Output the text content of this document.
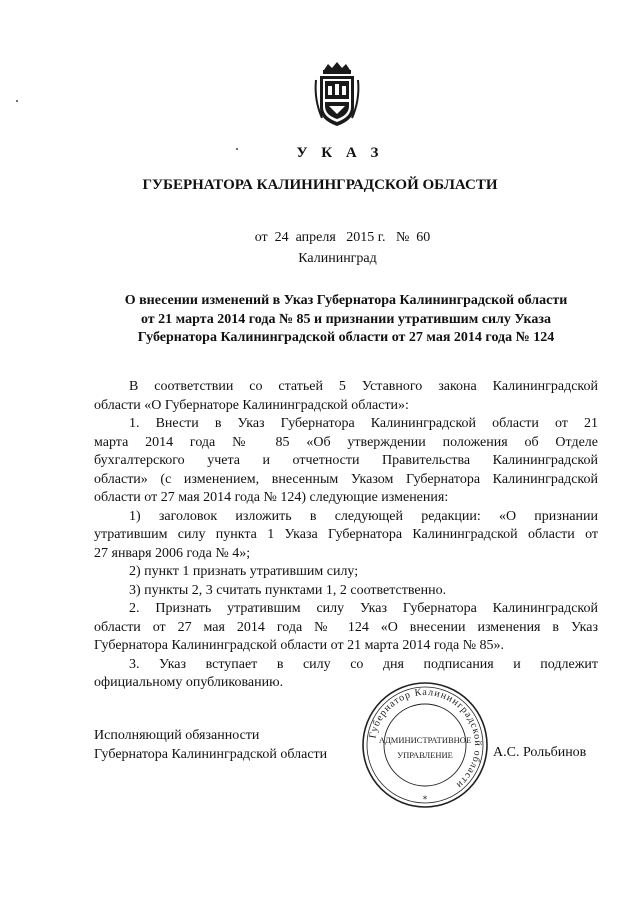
У К А З
ГУБЕРНАТОРА КАЛИНИНГРАДСКОЙ ОБЛАСТИ
от  24  апреля   2015 г.   №  60
Калининград
О внесении изменений в Указ Губернатора Калининградской области
от 21 марта 2014 года № 85 и признании утратившим силу Указа
Губернатора Калининградской области от 27 мая 2014 года № 124
В соответствии со статьей 5 Уставного закона Калининградской
области «О Губернаторе Калининградской области»:
1. Внести в Указ Губернатора Калининградской области от 21
марта 2014 года № 85 «Об утверждении положения об Отделе
бухгалтерского учета и отчетности Правительства Калининградской
области» (с изменением, внесенным Указом Губернатора Калининградской
области от 27 мая 2014 года № 124) следующие изменения:
1) заголовок изложить в следующей редакции: «О признании
утратившим силу пункта 1 Указа Губернатора Калининградской области от
27 января 2006 года № 4»;
2) пункт 1 признать утратившим силу;
3) пункты 2, 3 считать пунктами 1, 2 соответственно.
2. Признать утратившим силу Указ Губернатора Калининградской
области от 27 мая 2014 года № 124 «О внесении изменения в Указ
Губернатора Калининградской области от 21 марта 2014 года № 85».
3. Указ вступает в силу со дня подписания и подлежит
официальному опубликованию.
Исполняющий обязанности
Губернатора Калининградской области
Губернатор Калининградской области
АДМИНИСТРАТИВНОЕ
УПРАВЛЕНИЕ
*
А.С. Рольбинов
